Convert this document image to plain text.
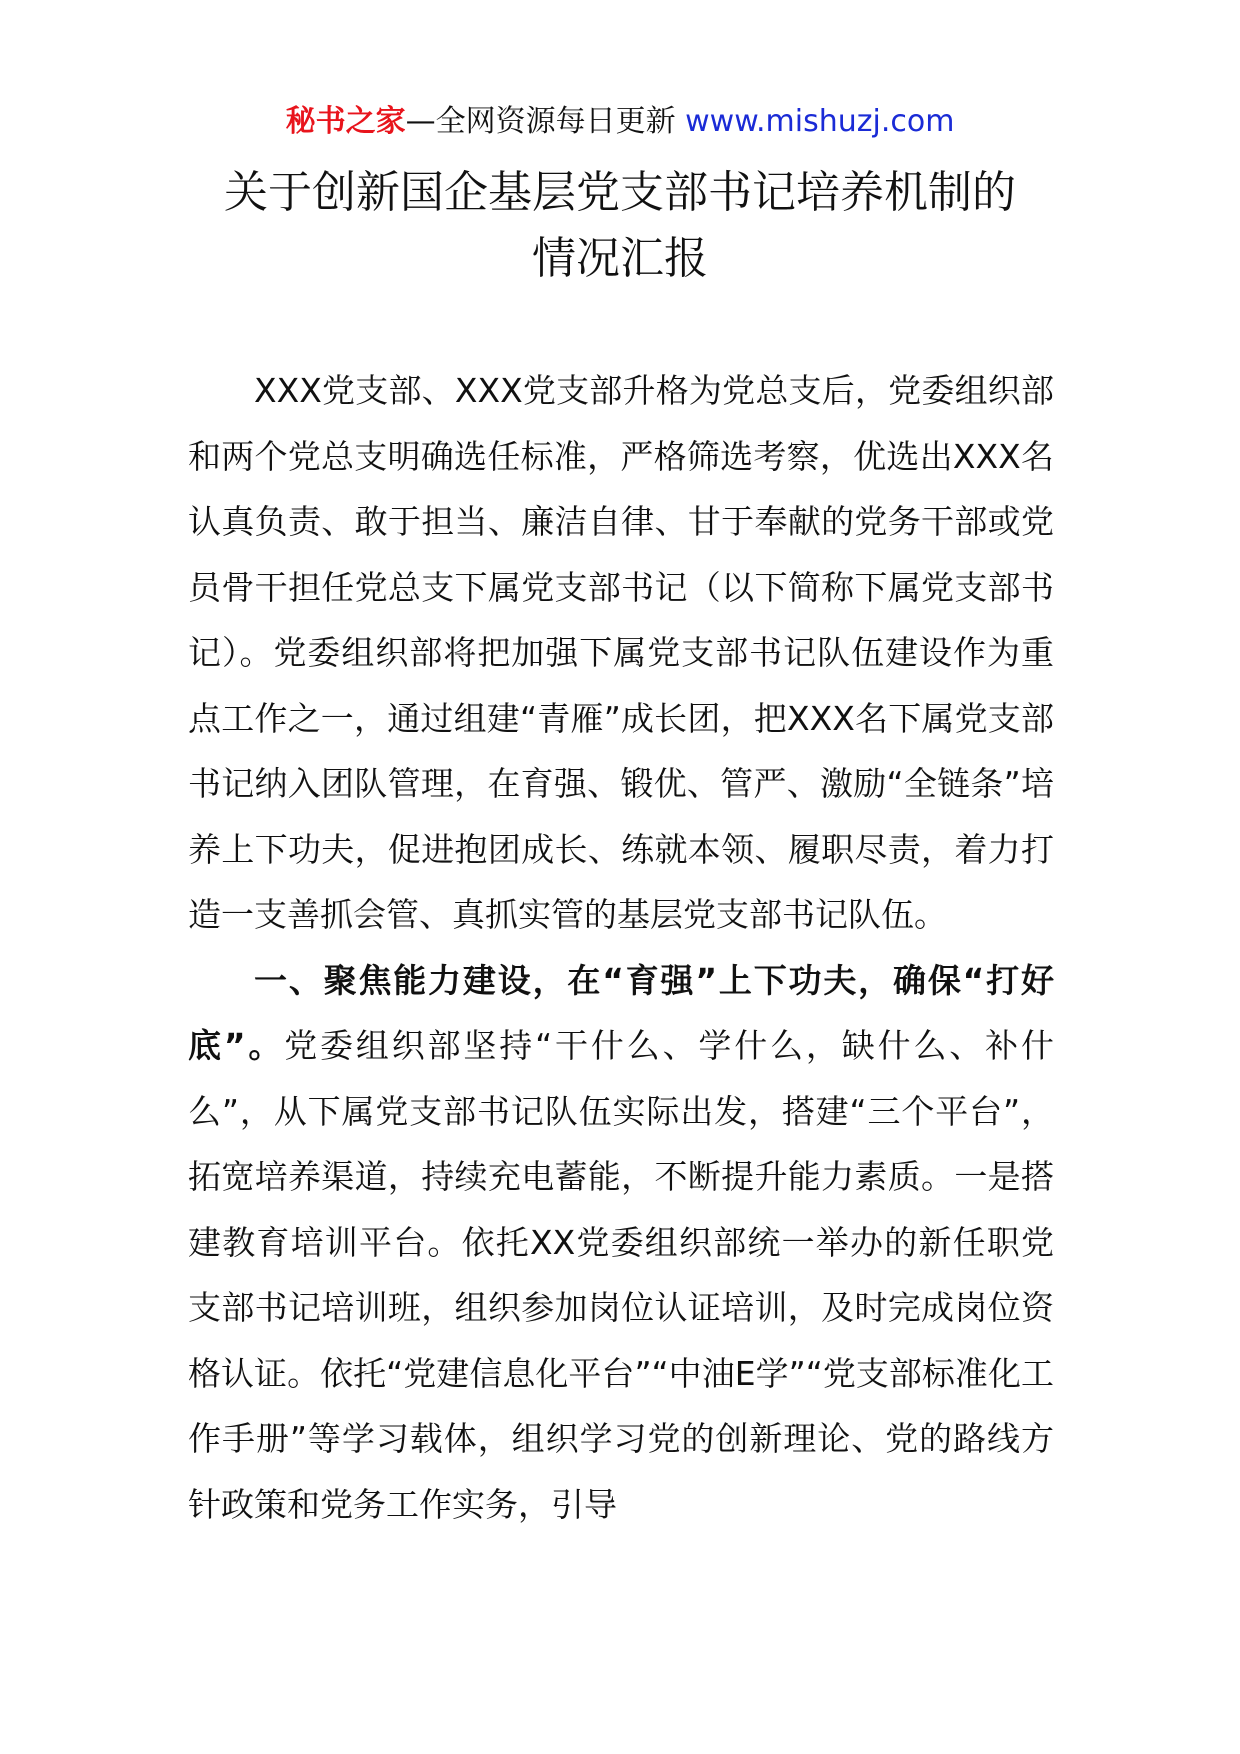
秘书之家—全网资源每日更新 www.mishuzj.com
关于创新国企基层党支部书记培养机制的
情况汇报

XXX党支部、XXX党支部升格为党总支后，党委组织部和两个党总支明确选任标准，严格筛选考察，优选出XXX名认真负责、敢于担当、廉洁自律、甘于奉献的党务干部或党员骨干担任党总支下属党支部书记（以下简称下属党支部书记）。党委组织部将把加强下属党支部书记队伍建设作为重点工作之一，通过组建“青雁”成长团，把XXX名下属党支部书记纳入团队管理，在育强、锻优、管严、激励“全链条”培养上下功夫，促进抱团成长、练就本领、履职尽责，着力打造一支善抓会管、真抓实管的基层党支部书记队伍。

一、聚焦能力建设，在“育强”上下功夫，确保“打好底”。党委组织部坚持“干什么、学什么，缺什么、补什么”，从下属党支部书记队伍实际出发，搭建“三个平台”，拓宽培养渠道，持续充电蓄能，不断提升能力素质。一是搭建教育培训平台。依托XX党委组织部统一举办的新任职党支部书记培训班，组织参加岗位认证培训，及时完成岗位资格认证。依托“党建信息化平台”“中油E学”“党支部标准化工作手册”等学习载体，组织学习党的创新理论、党的路线方针政策和党务工作实务，引导
